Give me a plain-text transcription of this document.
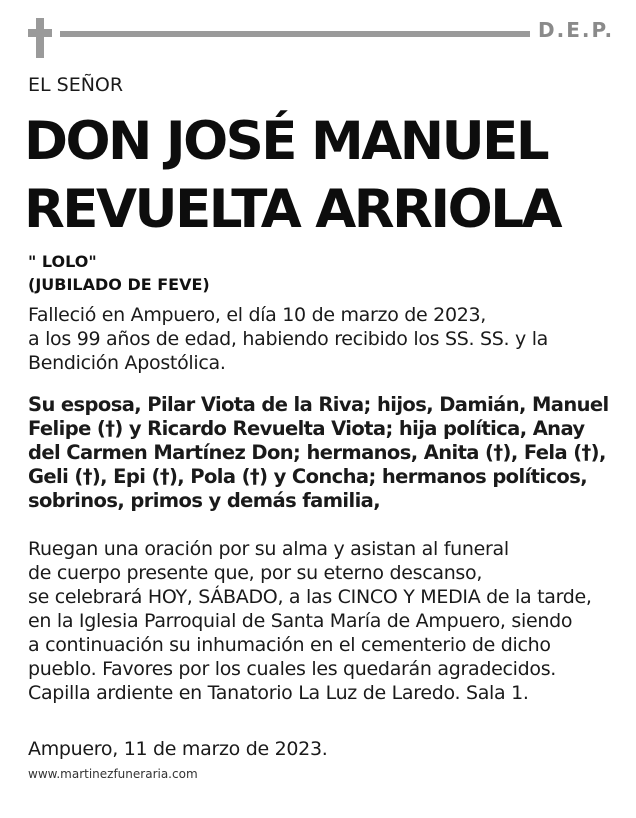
D.E.P.
EL SEÑOR
DON JOSÉ MANUEL
REVUELTA ARRIOLA
" LOLO"
(JUBILADO DE FEVE)
Falleció en Ampuero, el día 10 de marzo de 2023,
a los 99 años de edad, habiendo recibido los SS. SS. y la
Bendición Apostólica.
Su esposa, Pilar Viota de la Riva; hijos, Damián, Manuel
Felipe (†) y Ricardo Revuelta Viota; hija política, Anay
del Carmen Martínez Don; hermanos, Anita (†), Fela (†),
Geli (†), Epi (†), Pola (†) y Concha; hermanos políticos,
sobrinos, primos y demás familia,
Ruegan una oración por su alma y asistan al funeral
de cuerpo presente que, por su eterno descanso,
se celebrará HOY, SÁBADO, a las CINCO Y MEDIA de la tarde,
en la Iglesia Parroquial de Santa María de Ampuero, siendo
a continuación su inhumación en el cementerio de dicho
pueblo. Favores por los cuales les quedarán agradecidos.
Capilla ardiente en Tanatorio La Luz de Laredo. Sala 1.
Ampuero, 11 de marzo de 2023.
www.martinezfuneraria.com
